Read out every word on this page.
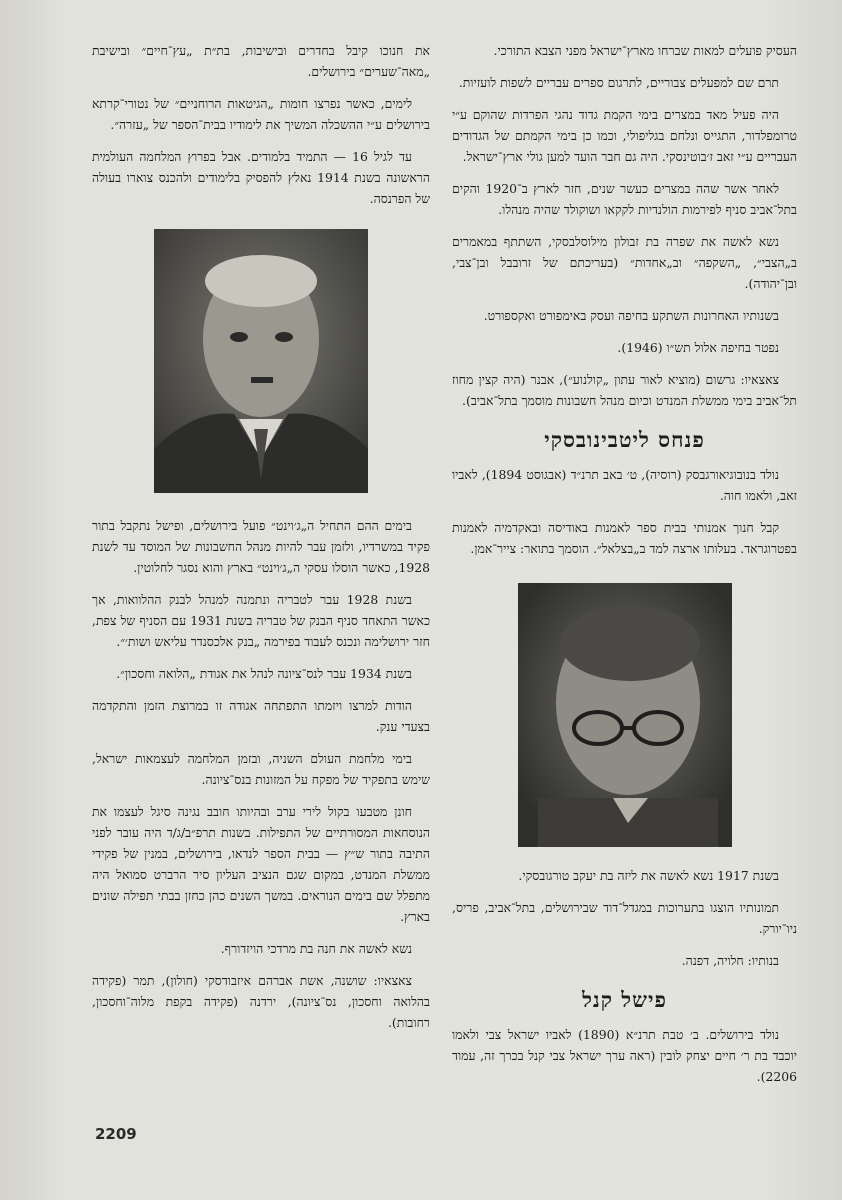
העסיק פועלים למאות שברחו מארץ־ישראל מפני הצבא התורכי.

תרם שם למפעלים צבוריים, לתרגום ספרים עבריים לשפות לועזיות.

היה פעיל מאד במצרים בימי הקמת גדוד נהגי הפרדות שהוקם ע״י טרומפלדור, התגייס ונלחם בגליפולי, וכמו כן בימי הקמתם של הגדודים העבריים ע״י זאב ז׳בוטינסקי. היה גם חבר הועד למען גולי ארץ־ישראל.

לאחר אשר שהה במצרים כעשר שנים, חזר לארץ ב־1920 והקים בתל־אביב סניף לפירמות הולנדיות לקקאו ושוקולד שהיה מנהלו.

נשא לאשה את שפרה בת זבולון מילוסלבסקי, השתתף במאמרים ב„הצבי״, „השקפה״ וב„אחדות״ (בעריכתם של זרובבל ובן־צבי, ובן־יהודה).

בשנותיו האחרונות השתקע בחיפה ועסק באימפורט ואקספורט.

נפטר בחיפה אלול תש״ו (1946).

צאצאיו: גרשום (מוציא לאור עתון „קולנוע״), אבנר (היה קצין מחוז תל־אביב בימי ממשלת המנדט וכיום מנהל חשבונות מוסמך בתל־אביב).

פנחס ליטבינובסקי

נולד בנובוגיאורגבסק (רוסיה), ט׳ באב תרנ״ד (אבגוסט 1894), לאביו זאב, ולאמו חוה.

קבל חנוך אמנותי בבית ספר לאמנות באודיסה ובאקדמיה לאמנות בפטרוגראד. בעלותו ארצה למד ב„בצלאל״. הוסמך בתואר: צייר־אמן.

בשנת 1917 נשא לאשה את ליזה בת יעקב טורגובסקי.

תמונותיו הוצגו בתערוכות במגדל־דוד שבירושלים, בתל־אביב, פריס, ניו־יורק.

בנותיו: חלויה, דפנה.

פישל קנל

נולד בירושלים. ב׳ טבת תרנ״א (1890) לאביו ישראל צבי ולאמו יוכבד בת ר׳ חיים יצחק לובין (ראה ערך ישראל צבי קנל בכרך זה, עמוד 2206).

את חנוכו קיבל בחדרים ובישיבות, בת״ת „עץ־חיים״ ובישיבת „מאה־שערים״ בירושלים.

לימים, כאשר נפרצו חומות „הגיטאות הרוחניים״ של נטורי־קרתא בירושלים ע״י ההשכלה המשיך את לימודיו בבית־הספר של „עזרה״.

עד לגיל 16 — התמיד בלמודים. אבל בפרוץ המלחמה העולמית הראשונה בשנת 1914 נאלץ להפסיק בלימודים ולהכנס צוארו בעולה של הפרנסה.

בימים ההם התחיל ה„ג׳וינט״ פועל בירושלים, ופישל נתקבל בתור פקיד במשרדיו, ולזמן עבר להיות מנהל החשבונות של המוסד עד לשנת 1928, כאשר הוסלו עסקי ה„ג׳וינט״ בארץ והוא נסגר לחלוטין.

בשנת 1928 עבר לטבריה ונתמנה למנהל לבנק ההלוואות, אך כאשר התאחד סניף הבנק של טבריה בשנת 1931 עם הסניף של צפת, חזר ירושלימה ונכנס לעבוד בפירמה „בנק אלכסנדר עליאש ושות׳״.

בשנת 1934 עבר לנס־ציונה לנהל את אגודת „הלואה וחסכון״.

הודות למרצו ויזמתו התפתחה אגודה זו במרוצת הזמן והתקדמה בצעדי ענק.

בימי מלחמת העולם השניה, ובזמן המלחמה לעצמאות ישראל, שימש בתפקיד של מפקח על המזונות בנס־ציונה.

חונן מטבעו בקול לירי ערב ובהיותו חובב נגינה סיגל לעצמו את הנוסחאות המסורתיים של התפילות. בשנות תרפ״ב/ג/ד היה עובר לפני התיבה בתור ש״ץ — בבית הספר לנדאו, בירושלים, במנין של פקידי ממשלת המנדט, במקום שגם הנציב העליון סיר הרברט סמואל היה מתפלל שם בימים הנוראים. במשך השנים כהן כחזן בבתי תפילה שונים בארץ.

נשא לאשה את חנה בת מרדכי הויזדורף.

צאצאיו: שושנה, אשת אברהם איזבודסקי (חולון), תמר (פקידה בהלואה וחסכון, נס־ציונה), ירדנה (פקידה בקפת מלוה־וחסכון, רחובות).

2209
